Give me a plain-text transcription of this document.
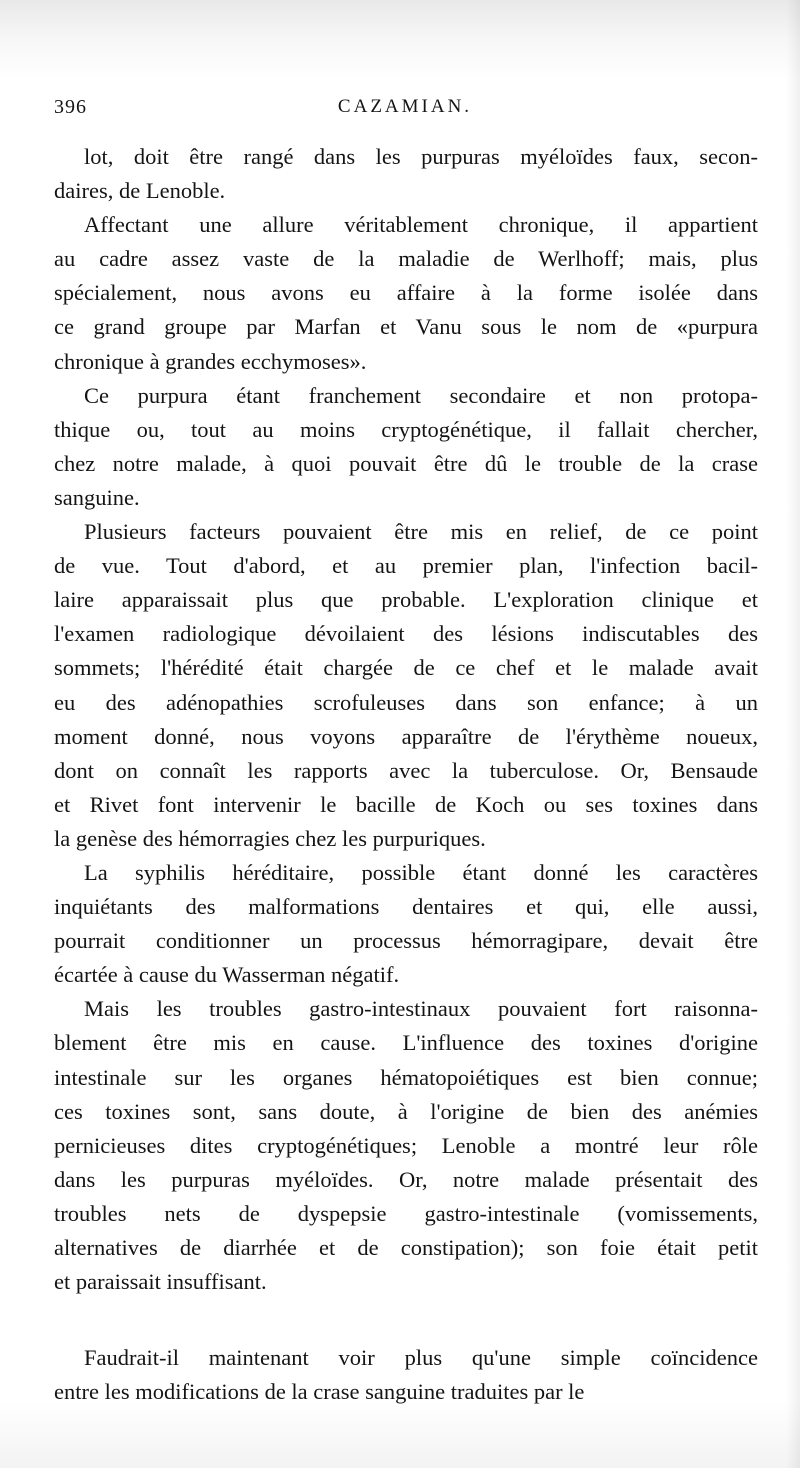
396	CAZAMIAN.

lot, doit être rangé dans les purpuras myéloïdes faux, secon-
daires, de Lenoble.

Affectant une allure véritablement chronique, il appartient
au cadre assez vaste de la maladie de Werlhoff; mais, plus
spécialement, nous avons eu affaire à la forme isolée dans
ce grand groupe par Marfan et Vanu sous le nom de «purpura
chronique à grandes ecchymoses».

Ce purpura étant franchement secondaire et non protopa-
thique ou, tout au moins cryptogénétique, il fallait chercher,
chez notre malade, à quoi pouvait être dû le trouble de la crase
sanguine.

Plusieurs facteurs pouvaient être mis en relief, de ce point
de vue. Tout d'abord, et au premier plan, l'infection bacil-
laire apparaissait plus que probable. L'exploration clinique et
l'examen radiologique dévoilaient des lésions indiscutables des
sommets; l'hérédité était chargée de ce chef et le malade avait
eu des adénopathies scrofuleuses dans son enfance; à un
moment donné, nous voyons apparaître de l'érythème noueux,
dont on connaît les rapports avec la tuberculose. Or, Bensaude
et Rivet font intervenir le bacille de Koch ou ses toxines dans
la genèse des hémorragies chez les purpuriques.

La syphilis héréditaire, possible étant donné les caractères
inquiétants des malformations dentaires et qui, elle aussi,
pourrait conditionner un processus hémorragipare, devait être
écartée à cause du Wasserman négatif.

Mais les troubles gastro-intestinaux pouvaient fort raisonna-
blement être mis en cause. L'influence des toxines d'origine
intestinale sur les organes hématopoiétiques est bien connue;
ces toxines sont, sans doute, à l'origine de bien des anémies
pernicieuses dites cryptogénétiques; Lenoble a montré leur rôle
dans les purpuras myéloïdes. Or, notre malade présentait des
troubles nets de dyspepsie gastro-intestinale (vomissements,
alternatives de diarrhée et de constipation); son foie était petit
et paraissait insuffisant.

Faudrait-il maintenant voir plus qu'une simple coïncidence
entre les modifications de la crase sanguine traduites par le
